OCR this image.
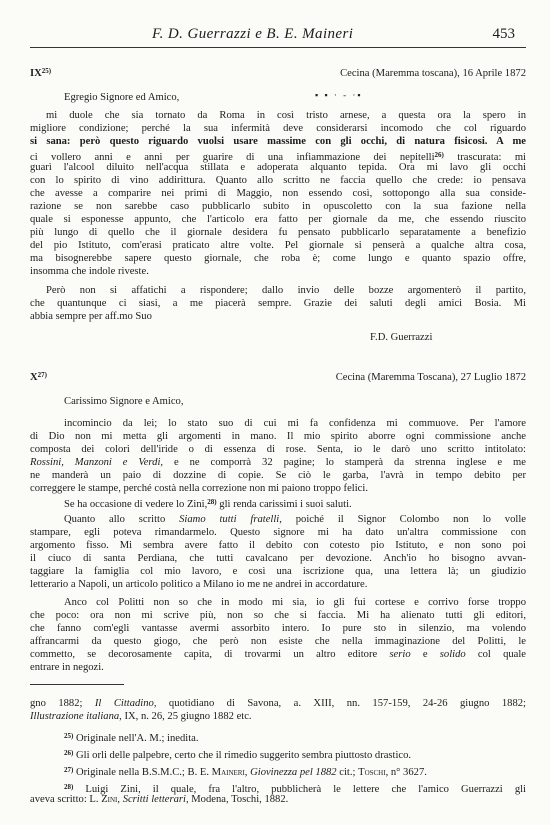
F. D. Guerrazzi e B. E. Maineri	453
IX$^{25)}$	Cecina (Maremma toscana), 16 Aprile 1872
Egregio Signore ed Amico,	▪ ▪ · - ·▪
mi duole che sia tornato da Roma in così tristo arnese, a questa ora la spero in
migliore condizione; perché la sua infermità deve considerarsi incomodo che col riguardo
si sana: però questo riguardo vuolsi usare massime con gli occhi, di natura fisicosi. A me
ci vollero anni e anni per guarire di una infiammazione dei nepitelli$^{26)}$ trascurata: mi
guarì l'alcool diluito nell'acqua stillata e adoperata alquanto tepida. Ora mi lavo gli occhi
con lo spirito di vino addirittura. Quanto allo scritto ne faccia quello che crede: io pensava
che avesse a comparire nei primi di Maggio, non essendo così, sottopongo alla sua conside-
razione se non sarebbe caso pubblicarlo subito in opuscoletto con la sua fazione nella
quale si esponesse appunto, che l'articolo era fatto per giornale da me, che essendo riuscito
più lungo di quello che il giornale desidera fu pensato pubblicarlo separatamente a benefizio
del pio Istituto, com'erasi praticato altre volte. Pel giornale si penserà a qualche altra cosa,
ma bisognerebbe sapere questo giornale, che roba è; come lungo e quanto spazio offre,
insomma che indole riveste.
Però non si affatichi a rispondere; dallo invio delle bozze argomenterò il partito,
che quantunque ci siasi, a me piacerà sempre. Grazie dei saluti degli amici Bosia. Mi
abbia sempre per aff.mo Suo
F.D. Guerrazzi
$X^{27)}$	Cecina (Maremma Toscana), 27 Luglio 1872
Carissimo Signore e Amico,
incomincio da lei; lo stato suo di cui mi fa confidenza mi commuove. Per l'amore
di Dio non mi metta gli argomenti in mano. Il mio spirito aborre ogni commissione anche
composta dei colori dell'iride o di essenza di rose. Senta, io le darò uno scritto intitolato:
Rossini, Manzoni e Verdi, e ne comporrà 32 pagine; lo stamperà da strenna inglese e me
ne manderà un paio di dozzine di copie. Se ciò le garba, l'avrà in tempo debito per
correggere le stampe, perché costà nella correzione non mi paiono troppo felici.
Se ha occasione di vedere lo Zini,$^{28)}$ gli renda carissimi i suoi saluti.
Quanto allo scritto Siamo tutti fratelli, poiché il Signor Colombo non lo volle
stampare, egli poteva rimandarmelo. Questo signore mi ha dato un'altra commissione con
argomento fisso. Mi sembra avere fatto il debito con cotesto pio Istituto, e non sono poi
il ciuco di santa Perdiana, che tutti cavalcano per devozione. Anch'io ho bisogno avvan-
taggiare la famiglia col mio lavoro, e così una iscrizione qua, una lettera là; un giudizio
letterario a Napoli, un articolo politico a Milano io me ne andrei in accordature.
Anco col Politti non so che in modo mi sia, io gli fui cortese e corrivo forse troppo
che poco: ora non mi scrive più, non so che si faccia. Mi ha alienato tutti gli editori,
che fanno com'egli vantasse avermi assorbito intero. Io pure sto in silenzio, ma volendo
affrancarmi da questo giogo, che però non esiste che nella immaginazione del Politti, le
commetto, se decorosamente capita, di trovarmi un altro editore serio e solido col quale
entrare in negozi.
gno 1882; Il Cittadino, quotidiano di Savona, a. XIII, nn. 157-159, 24-26 giugno 1882;
Illustrazione italiana, IX, n. 26, 25 giugno 1882 etc.
$^{25)}$ Originale nell'A. M.; inedita.
$^{26)}$ Gli orli delle palpebre, certo che il rimedio suggerito sembra piuttosto drastico.
$^{27)}$ Originale nella B.S.M.C.; B. E. Maineri, Giovinezza pel 1882 cit.; Toschi, n° 3627.
$^{28)}$ Luigi Zini, il quale, fra l'altro, pubblicherà le lettere che l'amico Guerrazzi gli
aveva scritto: L. Zini, Scritti letterari, Modena, Toschi, 1882.
